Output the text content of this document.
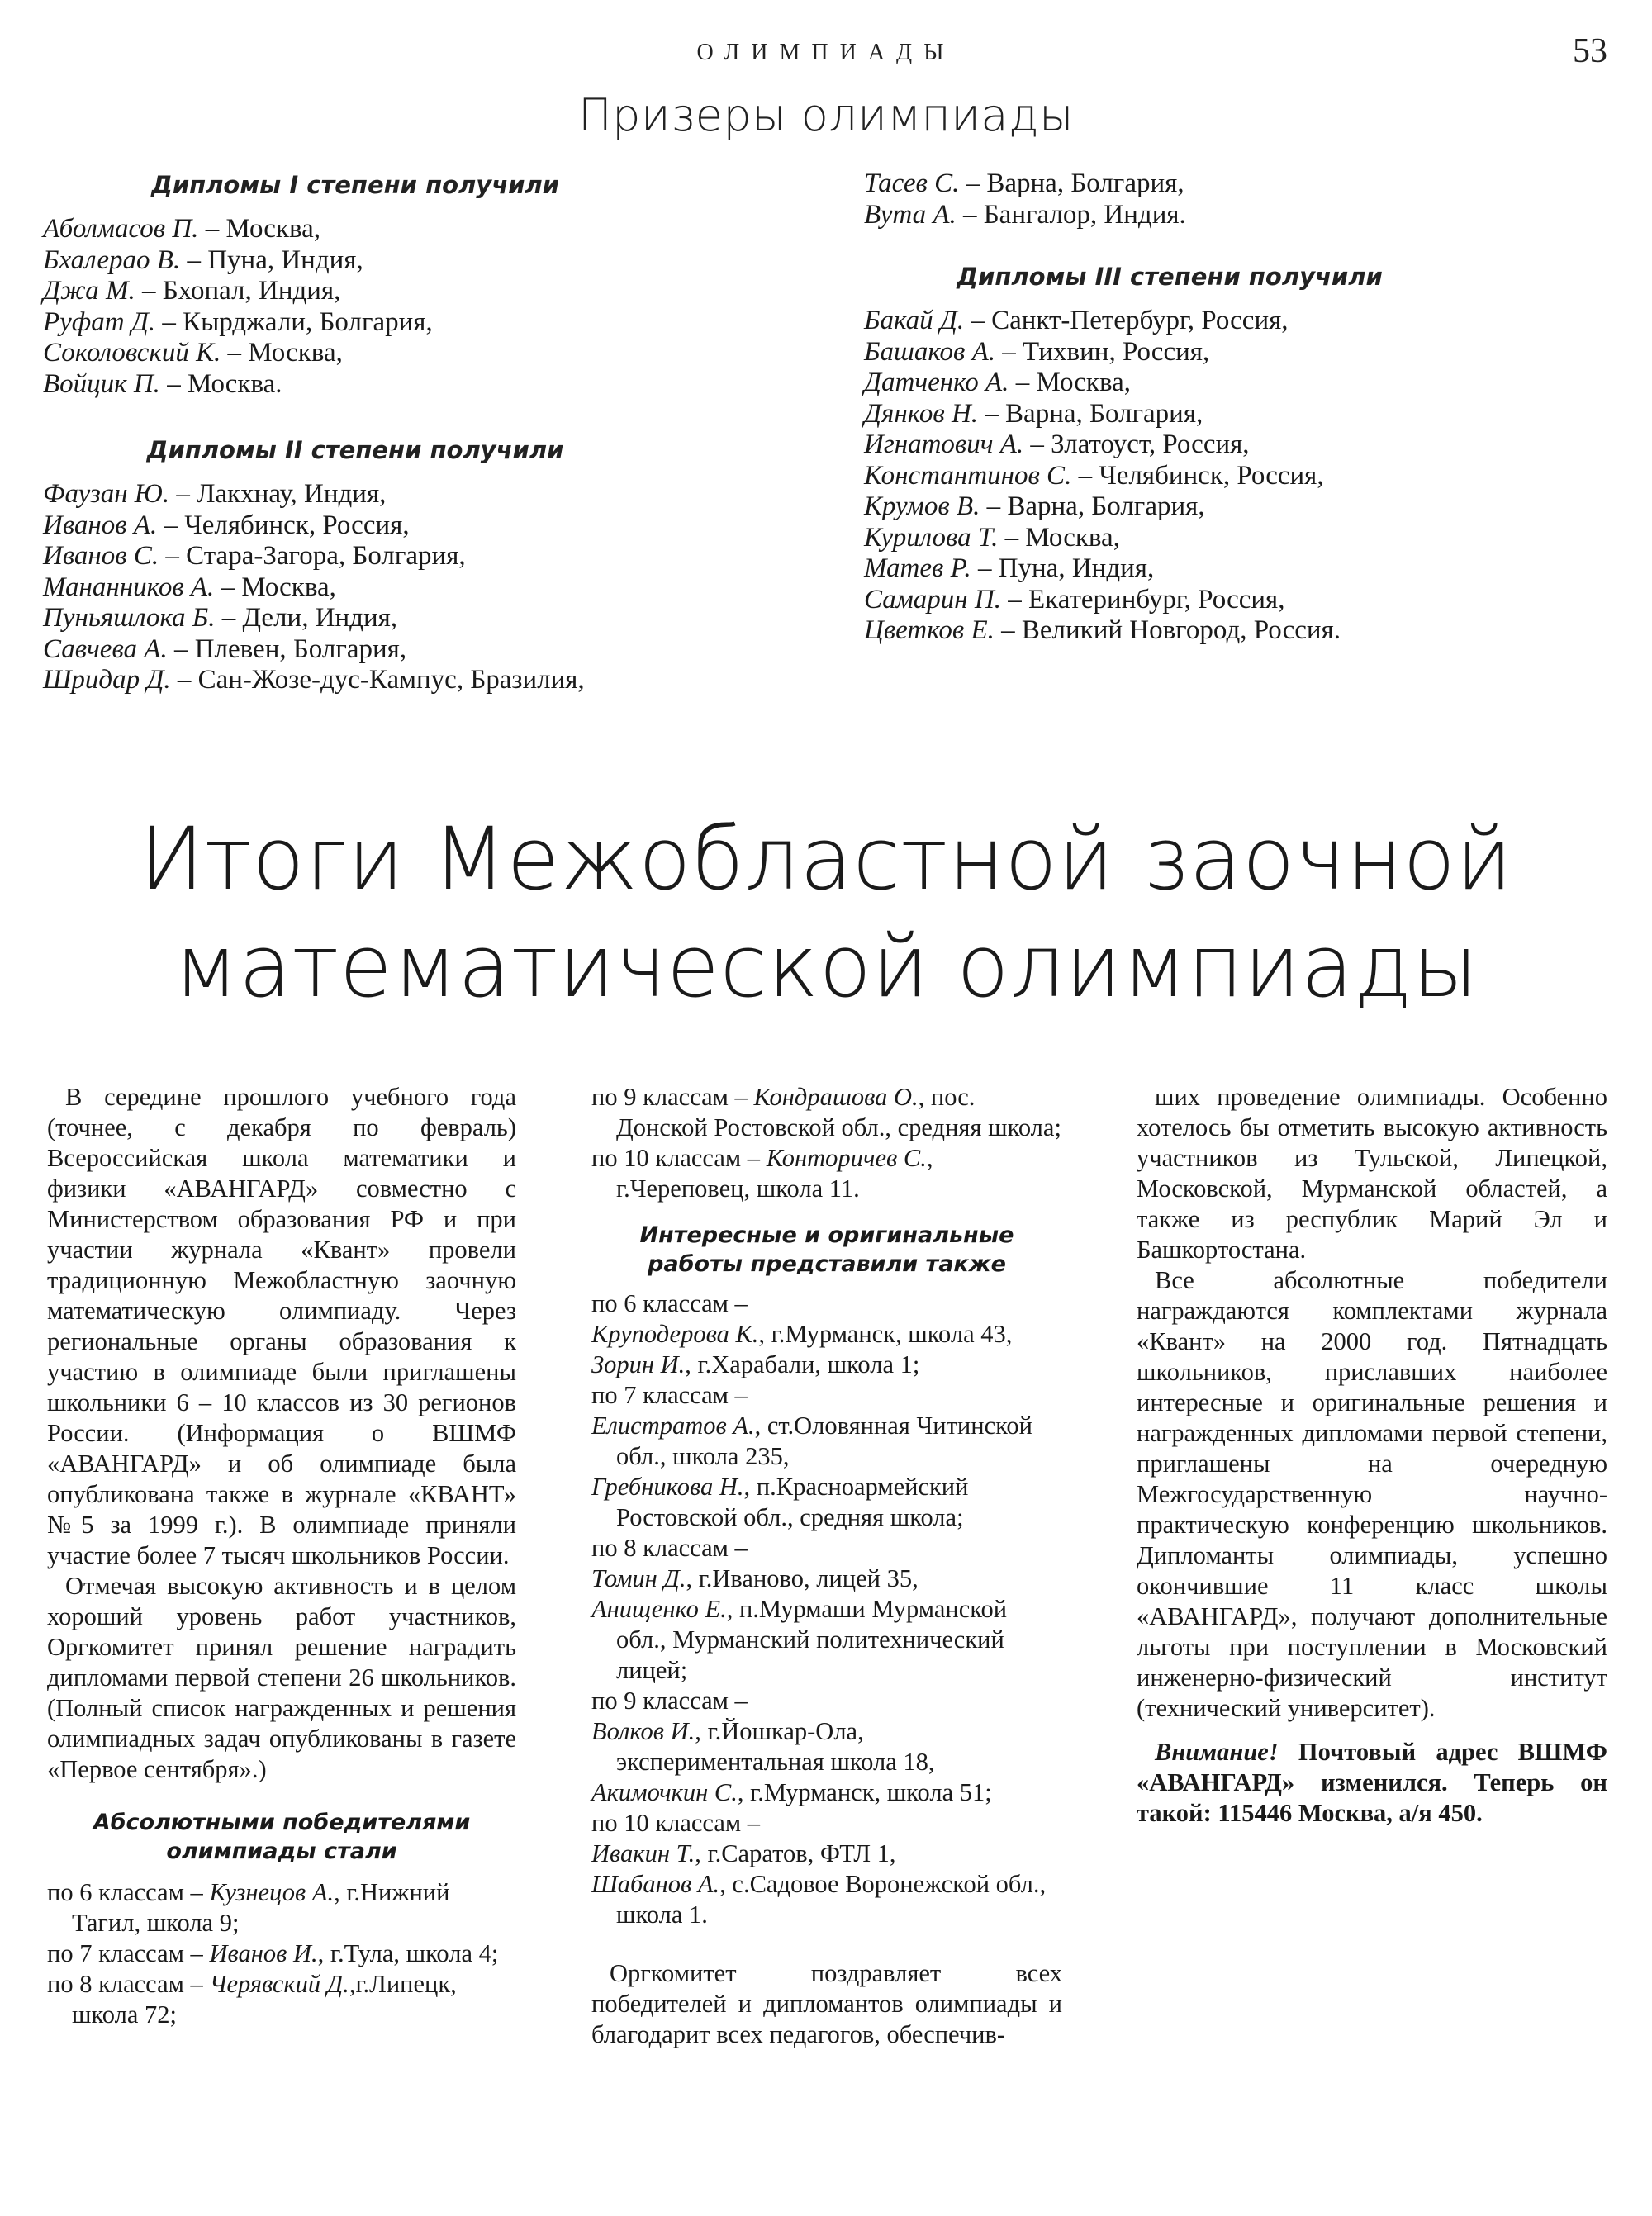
ОЛИМПИАДЫ	53
Призеры олимпиады
Дипломы I степени получили
Аболмасов П. – Москва,
Бхалерао В. – Пуна, Индия,
Джа М. – Бхопал, Индия,
Руфат Д. – Кырджали, Болгария,
Соколовский К. – Москва,
Войцик П. – Москва.
Дипломы II степени получили
Фаузан Ю. – Лакхнау, Индия,
Иванов А. – Челябинск, Россия,
Иванов С. – Стара-Загора, Болгария,
Мананников А. – Москва,
Пуньяшлока Б. – Дели, Индия,
Савчева А. – Плевен, Болгария,
Шридар Д. – Сан-Жозе-дус-Кампус, Бразилия,
Тасев С. – Варна, Болгария,
Вута А. – Бангалор, Индия.
Дипломы III степени получили
Бакай Д. – Санкт-Петербург, Россия,
Башаков А. – Тихвин, Россия,
Датченко А. – Москва,
Дянков Н. – Варна, Болгария,
Игнатович А. – Златоуст, Россия,
Константинов С. – Челябинск, Россия,
Крумов В. – Варна, Болгария,
Курилова Т. – Москва,
Матев Р. – Пуна, Индия,
Самарин П. – Екатеринбург, Россия,
Цветков Е. – Великий Новгород, Россия.
Итоги Межобластной заочной
математической олимпиады

В середине прошлого учебного года (точнее, с декабря по февраль) Всероссийская школа математики и физики «АВАНГАРД» совместно с Министерством образования РФ и при участии журнала «Квант» провели традиционную Межобластную заочную математическую олимпиаду. Через региональные органы образования к участию в олимпиаде были приглашены школьники 6 – 10 классов из 30 регионов России. (Информация о ВШМФ «АВАНГАРД» и об олимпиаде была опубликована также в журнале «КВАНТ» №5 за 1999 г.). В олимпиаде приняли участие более 7 тысяч школьников России.

Отмечая высокую активность и в целом хороший уровень работ участников, Оргкомитет принял решение наградить дипломами первой степени 26 школьников. (Полный список награжденных и решения олимпиадных задач опубликованы в газете «Первое сентября».)

Абсолютными победителями олимпиады стали

по 6 классам – Кузнецов А., г.Нижний Тагил, школа 9;

по 7 классам – Иванов И., г.Тула, школа 4;

по 8 классам – Черявский Д.,г.Липецк, школа 72;

по 9 классам – Кондрашова О., пос. Донской Ростовской обл., средняя школа;

по 10 классам – Конторичев С., г.Череповец, школа 11.

Интересные и оригинальные
работы представили также

по 6 классам –

Круподерова К., г.Мурманск, школа 43,

Зорин И., г.Харабали, школа 1;

по 7 классам –

Елистратов А., ст.Оловянная Читинской обл., школа 235,

Гребникова Н., п.Красноармейский Ростовской обл., средняя школа;

по 8 классам –

Томин Д., г.Иваново, лицей 35,

Анищенко Е., п.Мурмаши Мурманской обл., Мурманский политехнический лицей;

по 9 классам –

Волков И., г.Йошкар-Ола, экспериментальная школа 18,

Акимочкин С., г.Мурманск, школа 51;

по 10 классам –

Ивакин Т., г.Саратов, ФТЛ 1,

Шабанов А., с.Садовое Воронежской обл., школа 1.

Оргкомитет поздравляет всех победителей и дипломантов олимпиады и благодарит всех педагогов, обеспечив-

ших проведение олимпиады. Особенно хотелось бы отметить высокую активность участников из Тульской, Липецкой, Московской, Мурманской областей, а также из республик Марий Эл и Башкортостана.

Все абсолютные победители награждаются комплектами журнала «Квант» на 2000 год. Пятнадцать школьников, приславших наиболее интересные и оригинальные решения и награжденных дипломами первой степени, приглашены на очередную Межгосударственную научно-практическую конференцию школьников. Дипломанты олимпиады, успешно окончившие 11 класс школы «АВАНГАРД», получают дополнительные льготы при поступлении в Московский инженерно-физический институт (технический университет).

Внимание! Почтовый адрес ВШМФ «АВАНГАРД» изменился. Теперь он такой: 115446 Москва, а/я 450.
